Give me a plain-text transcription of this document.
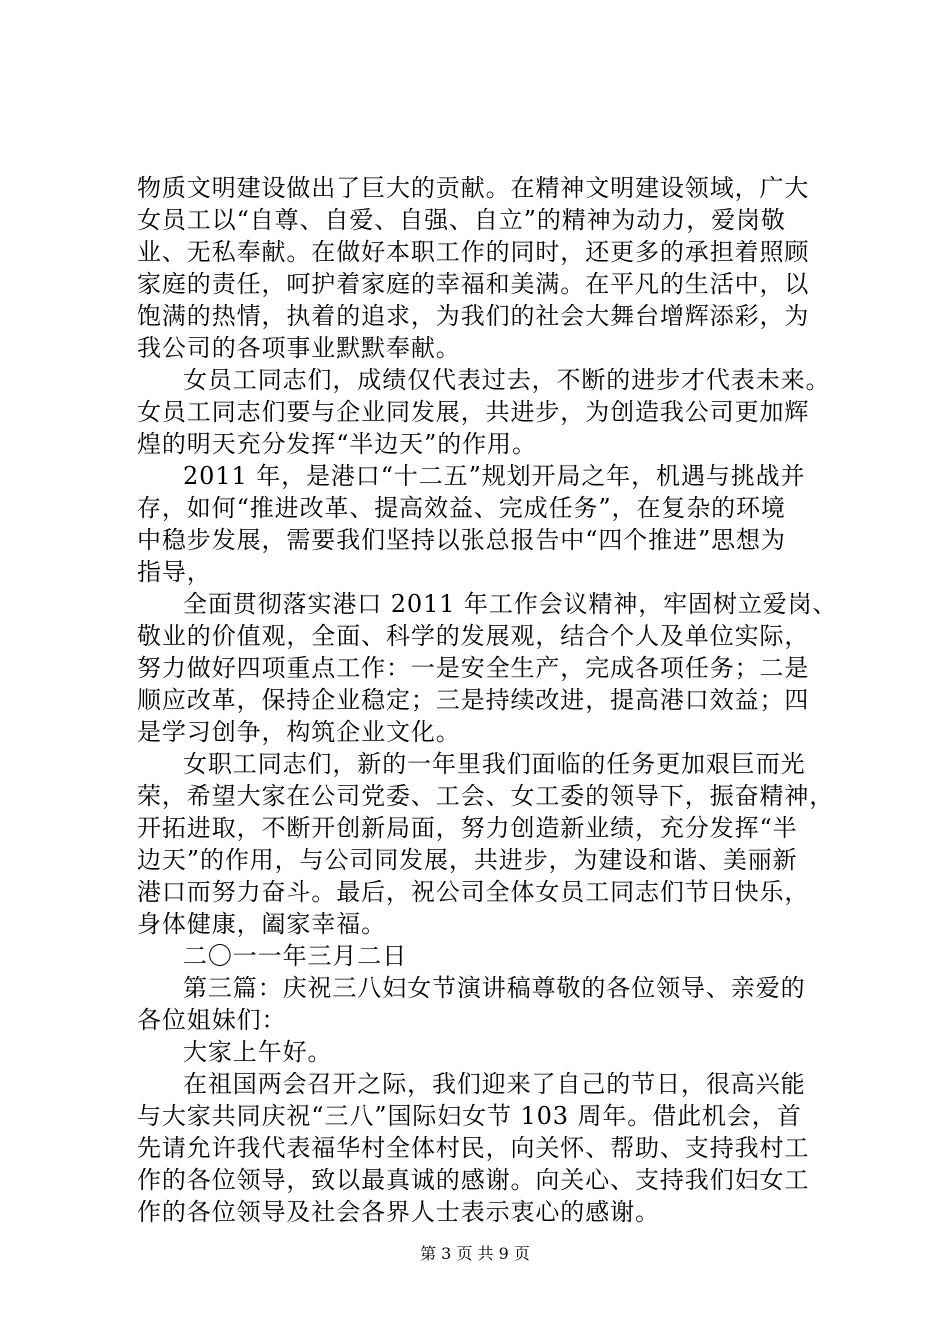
物质文明建设做出了巨大的贡献。在精神文明建设领域，广大
女员工以“自尊、自爱、自强、自立”的精神为动力，爱岗敬
业、无私奉献。在做好本职工作的同时，还更多的承担着照顾
家庭的责任，呵护着家庭的幸福和美满。在平凡的生活中，以
饱满的热情，执着的追求，为我们的社会大舞台增辉添彩，为
我公司的各项事业默默奉献。
女员工同志们，成绩仅代表过去，不断的进步才代表未来。
女员工同志们要与企业同发展，共进步，为创造我公司更加辉
煌的明天充分发挥“半边天”的作用。
2011 年，是港口“十二五”规划开局之年，机遇与挑战并
存，如何“推进改革、提高效益、完成任务”，在复杂的环境
中稳步发展，需要我们坚持以张总报告中“四个推进”思想为
指导，
全面贯彻落实港口 2011 年工作会议精神，牢固树立爱岗、
敬业的价值观，全面、科学的发展观，结合个人及单位实际，
努力做好四项重点工作：一是安全生产，完成各项任务；二是
顺应改革，保持企业稳定；三是持续改进，提高港口效益；四
是学习创争，构筑企业文化。
女职工同志们，新的一年里我们面临的任务更加艰巨而光
荣，希望大家在公司党委、工会、女工委的领导下，振奋精神，
开拓进取，不断开创新局面，努力创造新业绩，充分发挥“半
边天”的作用，与公司同发展，共进步，为建设和谐、美丽新
港口而努力奋斗。最后，祝公司全体女员工同志们节日快乐，
身体健康，阖家幸福。
二〇一一年三月二日
第三篇：庆祝三八妇女节演讲稿尊敬的各位领导、亲爱的
各位姐妹们：
大家上午好。
在祖国两会召开之际，我们迎来了自己的节日，很高兴能
与大家共同庆祝“三八”国际妇女节 103 周年。借此机会，首
先请允许我代表福华村全体村民，向关怀、帮助、支持我村工
作的各位领导，致以最真诚的感谢。向关心、支持我们妇女工
作的各位领导及社会各界人士表示衷心的感谢。
第 3 页 共 9 页
